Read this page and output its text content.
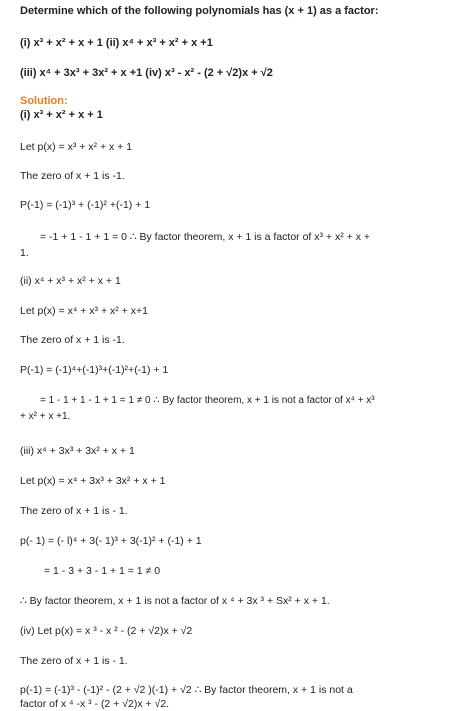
Determine which of the following polynomials has (x + 1) as a factor:
(i) x³ + x² + x + 1 (ii) x⁴ + x³ + x² + x +1
(iii) x⁴ + 3x³ + 3x² + x +1 (iv) x³ - x² - (2 + √2)x + √2
Solution:
(i) x³ + x² + x + 1
Let p(x) = x³ + x² + x + 1
The zero of x + 1 is -1.
P(-1) = (-1)³ + (-1)² +(-1) + 1
= -1 + 1 - 1 + 1 = 0 ∴ By factor theorem, x + 1 is a factor of x³ + x² + x +
1.
(ii) x⁴ + x³ + x² + x + 1
Let p(x) = x⁴ + x³ + x² + x+1
The zero of x + 1 is -1.
P(-1) = (-1)⁴+(-1)³+(-1)²+(-1) + 1
= 1 - 1 + 1 - 1 + 1 = 1 ≠ 0 ∴ By factor theorem, x + 1 is not a factor of x⁴ + x³
+ x² + x +1.
(iii) x⁴ + 3x³ + 3x² + x + 1
Let p(x) = x⁴ + 3x³ + 3x² + x + 1
The zero of x + 1 is - 1.
p(- 1) = (- l)⁴ + 3(- 1)³ + 3(-1)² + (-1) + 1
= 1 - 3 + 3 - 1 + 1 = 1 ≠ 0
∴ By factor theorem, x + 1 is not a factor of x ⁴ + 3x ³ + Sx² + x + 1.
(iv) Let p(x) = x ³ - x ² - (2 + √2)x + √2
The zero of x + 1 is - 1.
p(-1) = (-1)³ - (-1)² - (2 + √2 )(-1) + √2 ∴ By factor theorem, x + 1 is not a
factor of x ⁴ -x ³ - (2 + √2)x + √2.
